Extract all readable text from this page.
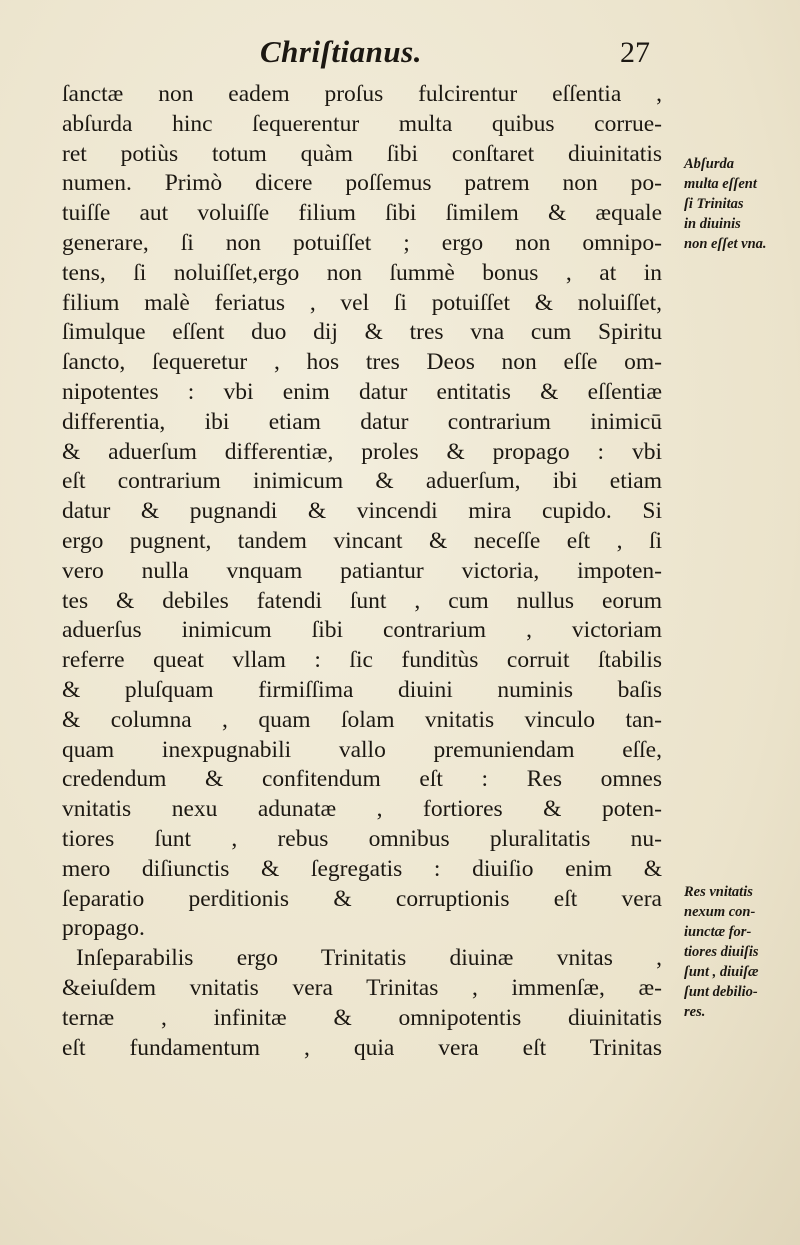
Chriſtianus.	27
ſanctæ non eadem proſus fulcirentur eſſentia ,
abſurda hinc ſequerentur multa quibus corrue-
ret potiùs totum quàm ſibi conſtaret diuinitatis
numen. Primò dicere poſſemus patrem non po-
tuiſſe aut voluiſſe filium ſibi ſimilem & æquale
generare, ſi non potuiſſet ; ergo non omnipo-
tens, ſi noluiſſet,ergo non ſummè bonus , at in
filium malè feriatus , vel ſi potuiſſet & noluiſſet,
ſimulque eſſent duo dij & tres vna cum Spiritu
ſancto, ſequeretur , hos tres Deos non eſſe om-
nipotentes : vbi enim datur entitatis & eſſentiæ
differentia, ibi etiam datur contrarium inimicū
& aduerſum differentiæ, proles & propago : vbi
eſt contrarium inimicum & aduerſum, ibi etiam
datur & pugnandi & vincendi mira cupido. Si
ergo pugnent, tandem vincant & neceſſe eſt , ſi
vero nulla vnquam patiantur victoria, impoten-
tes & debiles fatendi ſunt , cum nullus eorum
aduerſus inimicum ſibi contrarium , victoriam
referre queat vllam : ſic funditùs corruit ſtabilis
& pluſquam firmiſſima diuini numinis baſis
& columna , quam ſolam vnitatis vinculo tan-
quam inexpugnabili vallo premuniendam eſſe,
credendum & confitendum eſt : Res omnes
vnitatis nexu adunatæ , fortiores & poten-
tiores ſunt , rebus omnibus pluralitatis nu-
mero diſiunctis & ſegregatis : diuiſio enim &
ſeparatio perditionis & corruptionis eſt vera
propago.
Inſeparabilis ergo Trinitatis diuinæ vnitas ,
&eiuſdem vnitatis vera Trinitas , immenſæ, æ-
ternæ , infinitæ & omnipotentis diuinitatis
eſt fundamentum , quia vera eſt Trinitas
Abſurda
multa eſſent
ſi Trinitas
in diuinis
non eſſet vna.
Res vnitatis
nexum con-
iunctæ for-
tiores diuiſis
ſunt , diuiſæ
ſunt debilio-
res.
